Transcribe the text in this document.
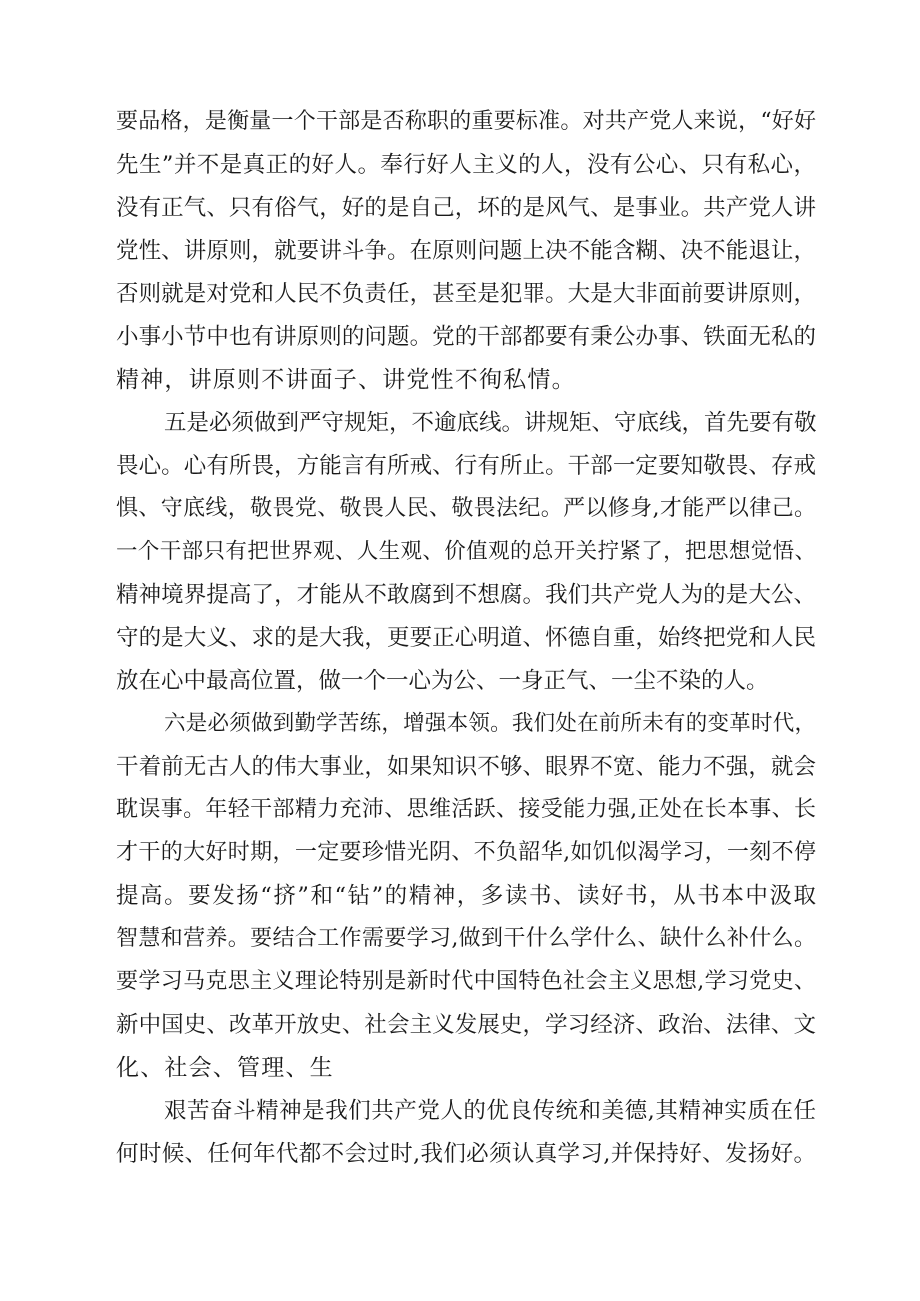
要品格，是衡量一个干部是否称职的重要标准。对共产党人来说，“好好
先生”并不是真正的好人。奉行好人主义的人，没有公心、只有私心，
没有正气、只有俗气，好的是自己，坏的是风气、是事业。共产党人讲
党性、讲原则，就要讲斗争。在原则问题上决不能含糊、决不能退让，
否则就是对党和人民不负责任，甚至是犯罪。大是大非面前要讲原则，
小事小节中也有讲原则的问题。党的干部都要有秉公办事、铁面无私的
精神，讲原则不讲面子、讲党性不徇私情。
五是必须做到严守规矩，不逾底线。讲规矩、守底线，首先要有敬
畏心。心有所畏，方能言有所戒、行有所止。干部一定要知敬畏、存戒
惧、守底线，敬畏党、敬畏人民、敬畏法纪。严以修身,才能严以律己。
一个干部只有把世界观、人生观、价值观的总开关拧紧了，把思想觉悟、
精神境界提高了，才能从不敢腐到不想腐。我们共产党人为的是大公、
守的是大义、求的是大我，更要正心明道、怀德自重，始终把党和人民
放在心中最高位置，做一个一心为公、一身正气、一尘不染的人。
六是必须做到勤学苦练，增强本领。我们处在前所未有的变革时代，
干着前无古人的伟大事业，如果知识不够、眼界不宽、能力不强，就会
耽误事。年轻干部精力充沛、思维活跃、接受能力强,正处在长本事、长
才干的大好时期，一定要珍惜光阴、不负韶华,如饥似渴学习，一刻不停
提高。要发扬“挤”和“钻”的精神，多读书、读好书，从书本中汲取
智慧和营养。要结合工作需要学习,做到干什么学什么、缺什么补什么。
要学习马克思主义理论特别是新时代中国特色社会主义思想,学习党史、
新中国史、改革开放史、社会主义发展史，学习经济、政治、法律、文
化、社会、管理、生
艰苦奋斗精神是我们共产党人的优良传统和美德,其精神实质在任
何时候、任何年代都不会过时,我们必须认真学习,并保持好、发扬好。
